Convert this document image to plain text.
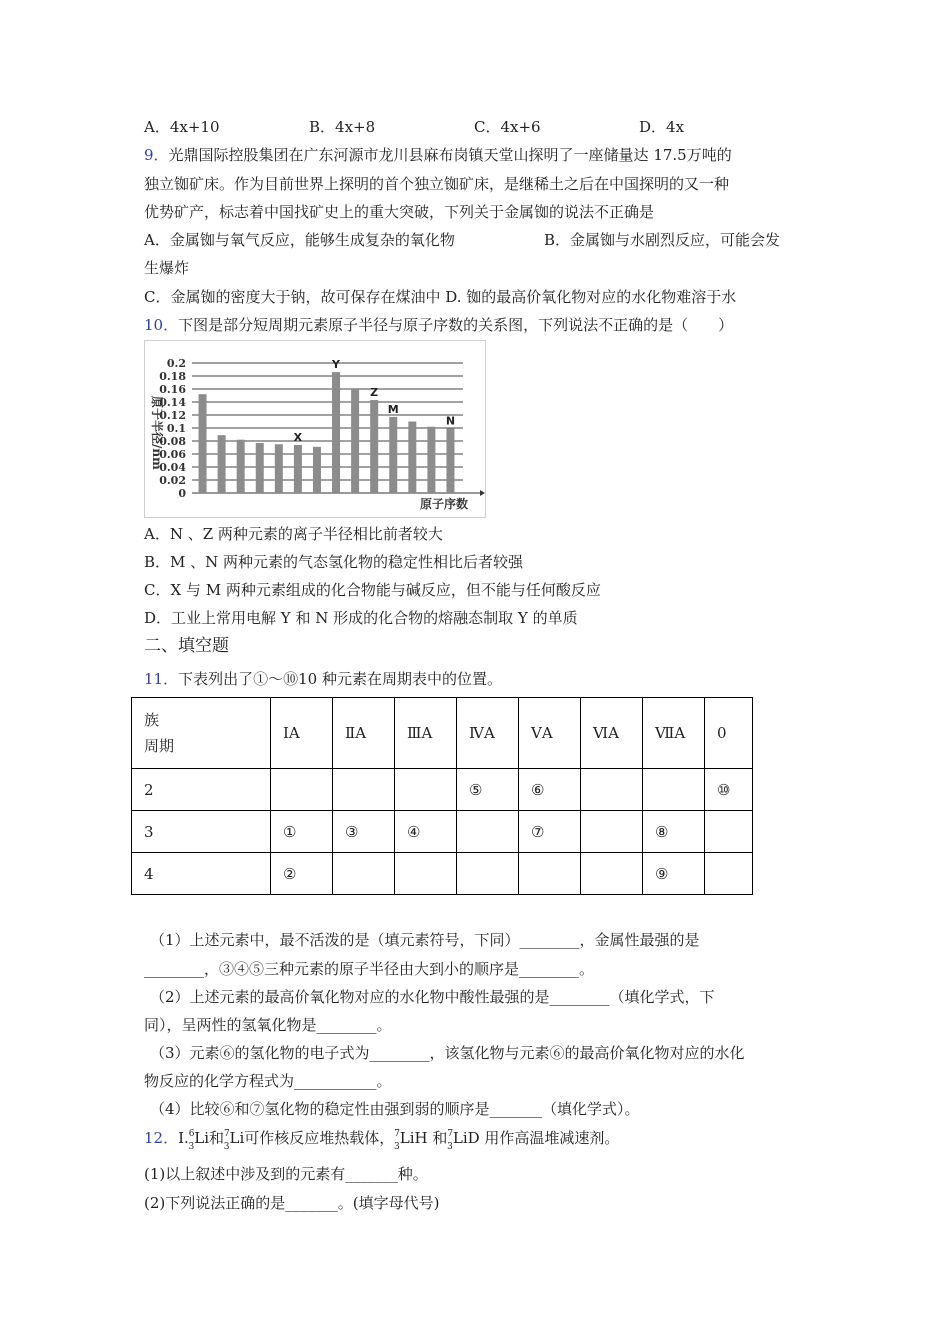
A．4x+10	B．4x+8	C．4x+6	D．4x
9．光鼎国际控股集团在广东河源市龙川县麻布岗镇天堂山探明了一座储量达 17.5万吨的
独立铷矿床。作为目前世界上探明的首个独立铷矿床，是继稀土之后在中国探明的又一种
优势矿产，标志着中国找矿史上的重大突破，下列关于金属铷的说法不正确是
A．金属铷与氧气反应，能够生成复杂的氧化物	B．金属铷与水剧烈反应，可能会发
生爆炸
C．金属铷的密度大于钠，故可保存在煤油中 D. 铷的最高价氧化物对应的水化物难溶于水
10．下图是部分短周期元素原子半径与原子序数的关系图，下列说法不正确的是（　　）
0
0.02
0.04
0.06
0.08
0.1
0.12
0.14
0.16
0.18
0.2
X
Y
Z
M
N
原子半径/nm
原子序数
A．N 、Z 两种元素的离子半径相比前者较大
B．M 、N 两种元素的气态氢化物的稳定性相比后者较强
C．X 与 M 两种元素组成的化合物能与碱反应，但不能与任何酸反应
D．工业上常用电解 Y 和 N 形成的化合物的熔融态制取 Y 的单质
二、填空题
11．下表列出了①～⑩10 种元素在周期表中的位置。
族
周期	ⅠA	ⅡA	ⅢA	ⅣA	ⅤA	ⅥA	ⅦA	0
2				⑤	⑥			⑩
3	①	③	④		⑦		⑧	
4	②						⑨	
（1）上述元素中，最不活泼的是（填元素符号，下同）________，金属性最强的是
________，③④⑤三种元素的原子半径由大到小的顺序是________。
（2）上述元素的最高价氧化物对应的水化物中酸性最强的是________（填化学式，下
同），呈两性的氢氧化物是________。
（3）元素⑥的氢化物的电子式为________，该氢化物与元素⑥的最高价氧化物对应的水化
物反应的化学方程式为___________。
（4）比较⑥和⑦氢化物的稳定性由强到弱的顺序是_______（填化学式）。
12．I.$^6_3$Li和$^7_3$Li可作核反应堆热载体，$^7_3$LiH 和$^7_3$LiD 用作高温堆减速剂。
(1)以上叙述中涉及到的元素有_______种。
(2)下列说法正确的是_______。(填字母代号)
